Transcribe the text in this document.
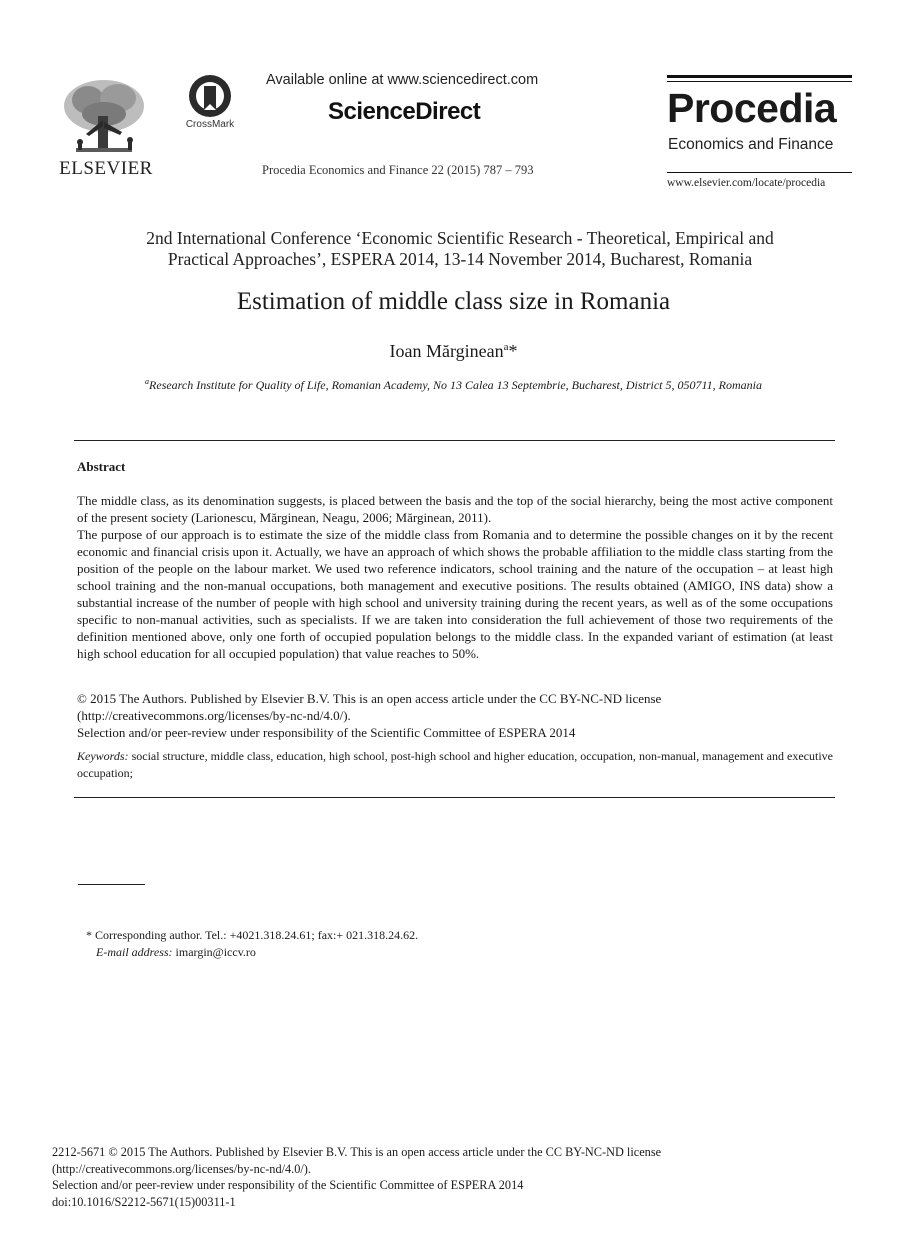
ELSEVIER
CrossMark
Available online at www.sciencedirect.com
ScienceDirect
Procedia Economics and Finance 22 (2015) 787 – 793
Procedia
Economics and Finance
www.elsevier.com/locate/procedia
2nd International Conference ‘Economic Scientific Research - Theoretical, Empirical and
Practical Approaches’, ESPERA 2014, 13-14 November 2014, Bucharest, Romania
Estimation of middle class size in Romania
Ioan Mărginean$^a$*
$^a$Research Institute for Quality of Life, Romanian Academy, No 13 Calea 13 Septembrie, Bucharest, District 5, 050711, Romania
Abstract

The middle class, as its denomination suggests, is placed between the basis and the top of the social hierarchy, being the most active component of the present society (Larionescu, Mărginean, Neagu, 2006; Mărginean, 2011).

The purpose of our approach is to estimate the size of the middle class from Romania and to determine the possible changes on it by the recent economic and financial crisis upon it. Actually, we have an approach of which shows the probable affiliation to the middle class starting from the position of the people on the labour market. We used two reference indicators, school training and the nature of the occupation – at least high school training and the non-manual occupations, both management and executive positions. The results obtained (AMIGO, INS data) show a substantial increase of the number of people with high school and university training during the recent years, as well as of the some occupations specific to non-manual activities, such as specialists. If we are taken into consideration the full achievement of those two requirements of the definition mentioned above, only one forth of occupied population belongs to the middle class. In the expanded variant of estimation (at least high school education for all occupied population) that value reaches to 50%.

© 2015 The Authors. Published by Elsevier B.V. This is an open access article under the CC BY-NC-ND license

(http://creativecommons.org/licenses/by-nc-nd/4.0/).

Selection and/or peer-review under responsibility of the Scientific Committee of ESPERA 2014

Keywords: social structure, middle class, education, high school, post-high school and higher education, occupation, non-manual, management and executive occupation;
* Corresponding author. Tel.: +4021.318.24.61; fax:+ 021.318.24.62.
E-mail address: imargin@iccv.ro
2212-5671 © 2015 The Authors. Published by Elsevier B.V. This is an open access article under the CC BY-NC-ND license
(http://creativecommons.org/licenses/by-nc-nd/4.0/).
Selection and/or peer-review under responsibility of the Scientific Committee of ESPERA 2014
doi:10.1016/S2212-5671(15)00311-1
